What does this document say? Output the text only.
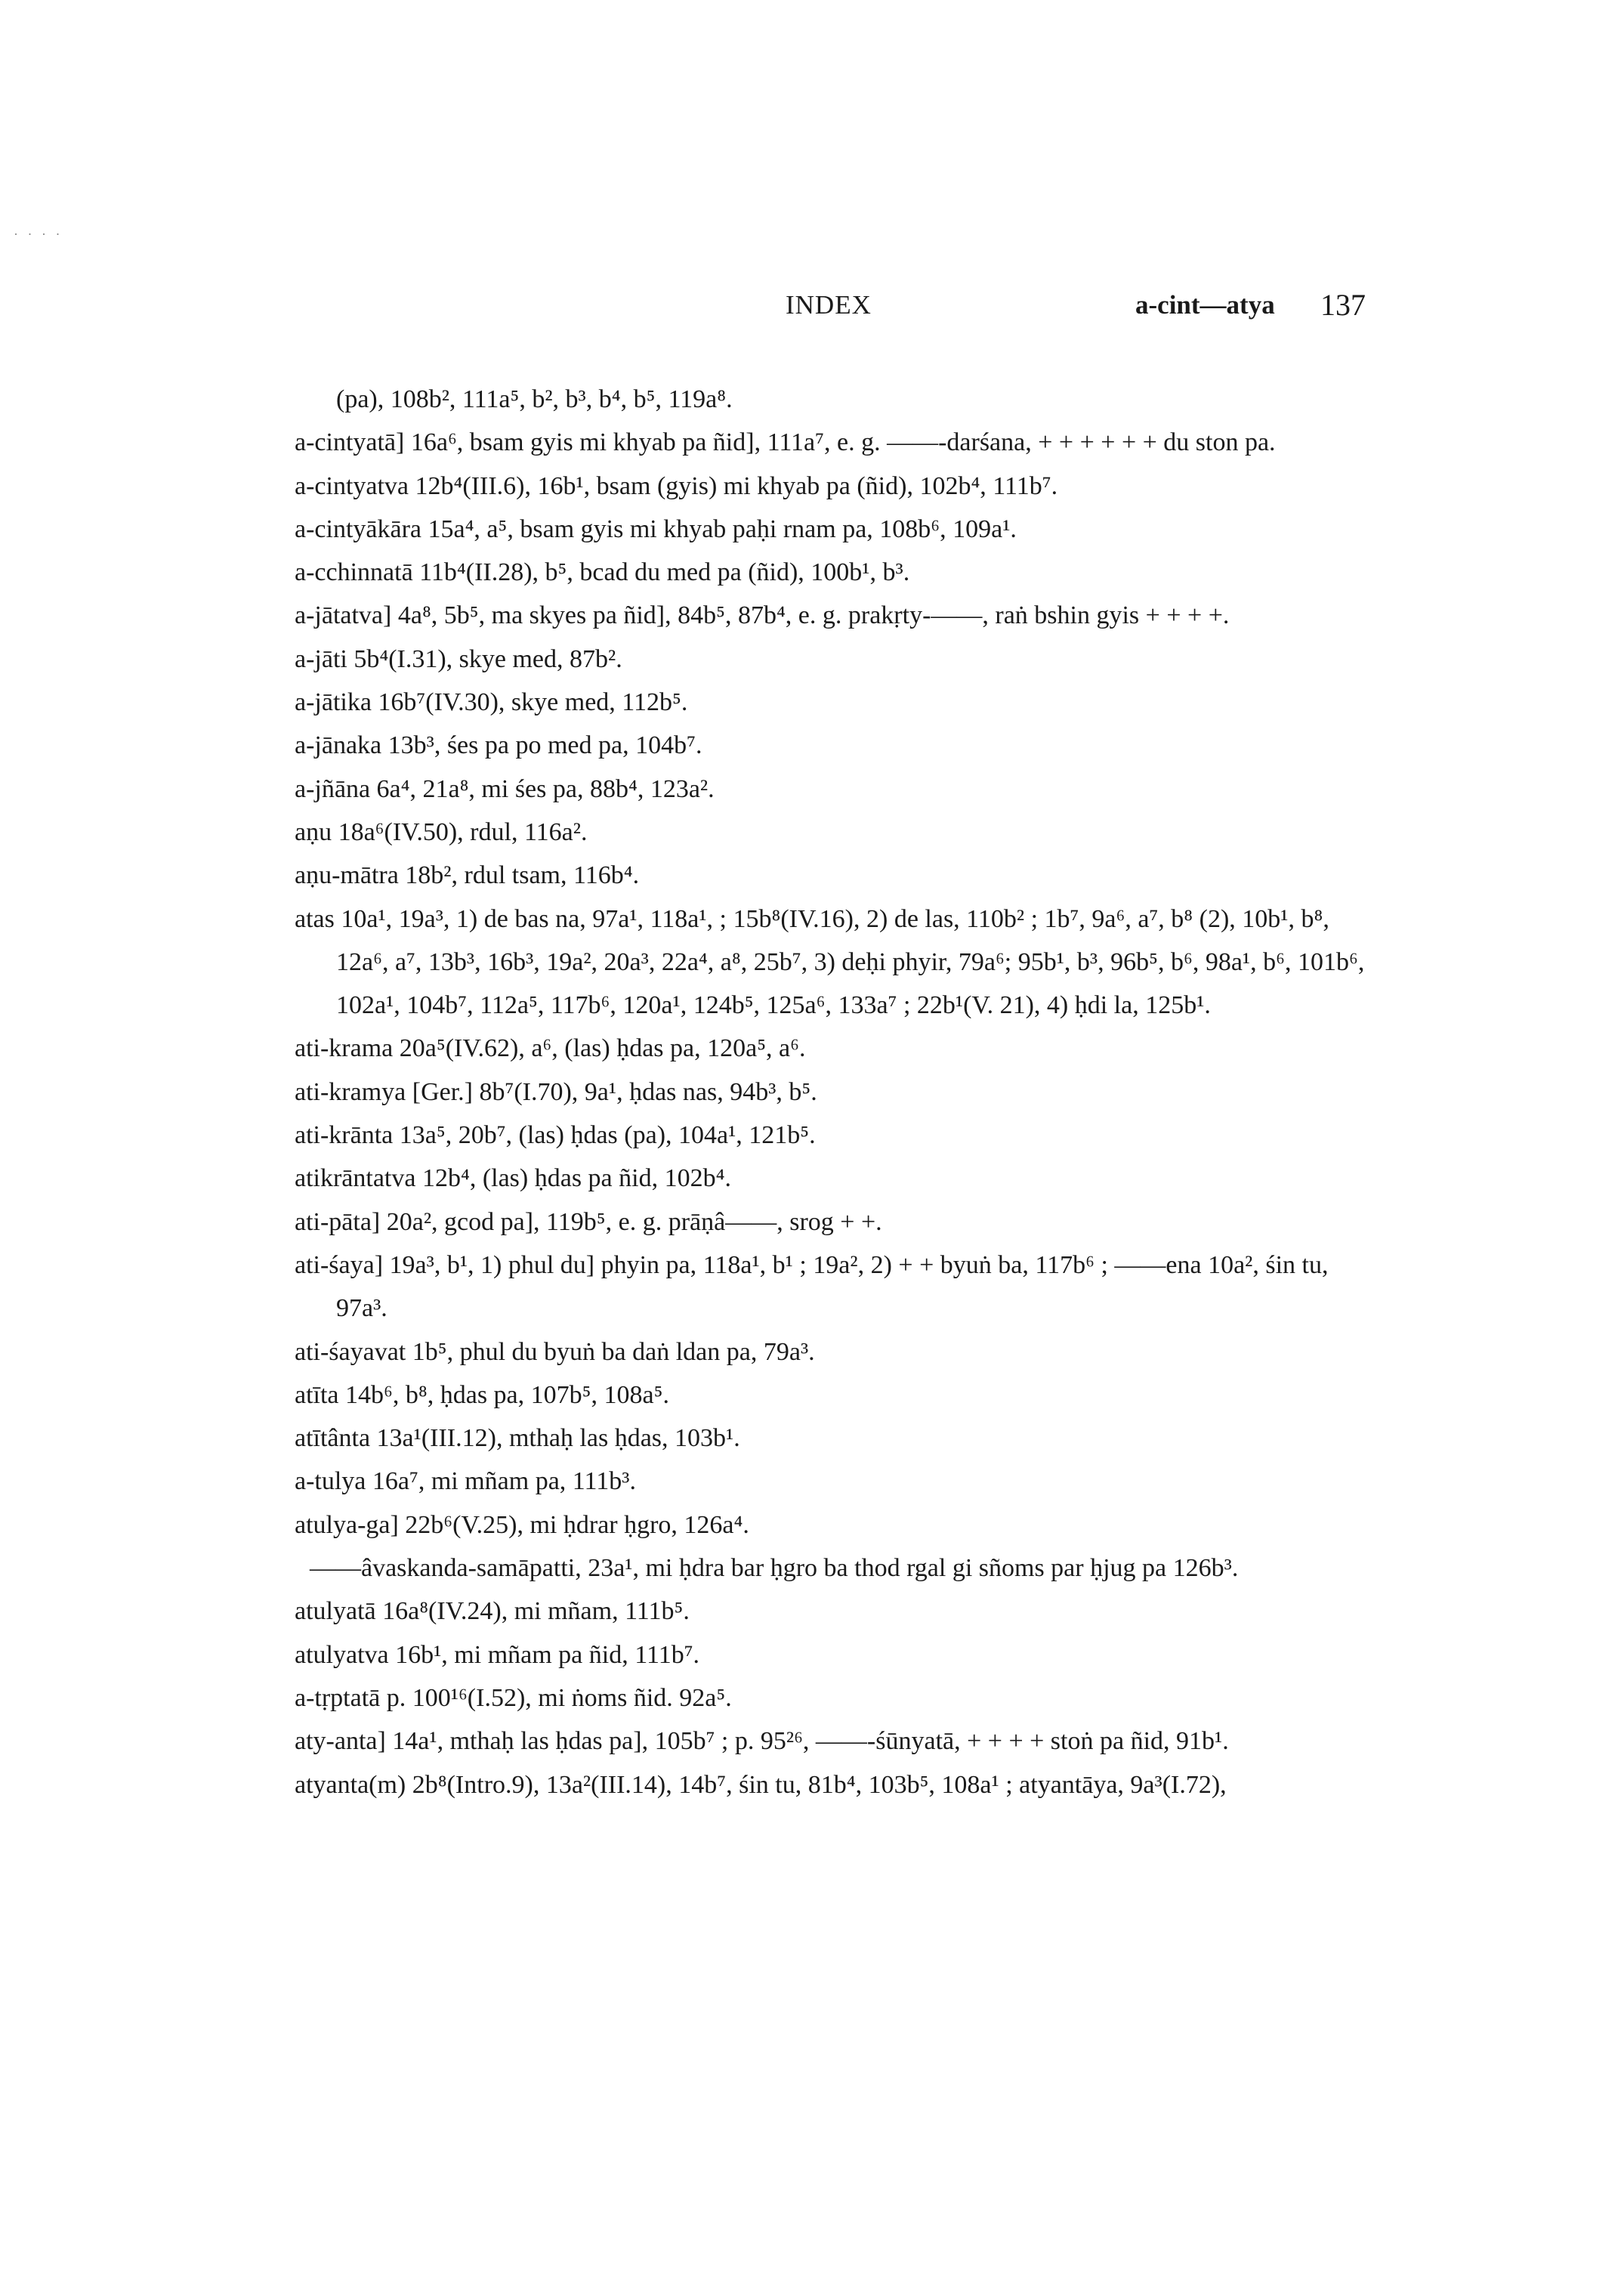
· · · ·
INDEX	a-cint—atya 137

(pa), 108b², 111a⁵, b², b³, b⁴, b⁵, 119a⁸.

a-cintyatā] 16a⁶, bsam gyis mi khyab pa ñid], 111a⁷, e. g. ——-darśana, + + + + + + du ston pa.

a-cintyatva 12b⁴(III.6), 16b¹, bsam (gyis) mi khyab pa (ñid), 102b⁴, 111b⁷.

a-cintyākāra 15a⁴, a⁵, bsam gyis mi khyab paḥi rnam pa, 108b⁶, 109a¹.

a-cchinnatā 11b⁴(II.28), b⁵, bcad du med pa (ñid), 100b¹, b³.

a-jātatva] 4a⁸, 5b⁵, ma skyes pa ñid], 84b⁵, 87b⁴, e. g. prakṛty-——, raṅ bshin gyis + + + +.

a-jāti 5b⁴(I.31), skye med, 87b².

a-jātika 16b⁷(IV.30), skye med, 112b⁵.

a-jānaka 13b³, śes pa po med pa, 104b⁷.

a-jñāna 6a⁴, 21a⁸, mi śes pa, 88b⁴, 123a².

aṇu 18a⁶(IV.50), rdul, 116a².

aṇu-mātra 18b², rdul tsam, 116b⁴.

atas 10a¹, 19a³, 1) de bas na, 97a¹, 118a¹, ; 15b⁸(IV.16), 2) de las, 110b² ; 1b⁷, 9a⁶, a⁷, b⁸ (2), 10b¹, b⁸, 12a⁶, a⁷, 13b³, 16b³, 19a², 20a³, 22a⁴, a⁸, 25b⁷, 3) deḥi phyir, 79a⁶; 95b¹, b³, 96b⁵, b⁶, 98a¹, b⁶, 101b⁶, 102a¹, 104b⁷, 112a⁵, 117b⁶, 120a¹, 124b⁵, 125a⁶, 133a⁷ ; 22b¹(V. 21), 4) ḥdi la, 125b¹.

ati-krama 20a⁵(IV.62), a⁶, (las) ḥdas pa, 120a⁵, a⁶.

ati-kramya [Ger.] 8b⁷(I.70), 9a¹, ḥdas nas, 94b³, b⁵.

ati-krānta 13a⁵, 20b⁷, (las) ḥdas (pa), 104a¹, 121b⁵.

atikrāntatva 12b⁴, (las) ḥdas pa ñid, 102b⁴.

ati-pāta] 20a², gcod pa], 119b⁵, e. g. prāṇâ——, srog + +.

ati-śaya] 19a³, b¹, 1) phul du] phyin pa, 118a¹, b¹ ; 19a², 2) + + byuṅ ba, 117b⁶ ; ——ena 10a², śin tu, 97a³.

ati-śayavat 1b⁵, phul du byuṅ ba daṅ ldan pa, 79a³.

atīta 14b⁶, b⁸, ḥdas pa, 107b⁵, 108a⁵.

atītânta 13a¹(III.12), mthaḥ las ḥdas, 103b¹.

a-tulya 16a⁷, mi mñam pa, 111b³.

atulya-ga] 22b⁶(V.25), mi ḥdrar ḥgro, 126a⁴.

——âvaskanda-samāpatti, 23a¹, mi ḥdra bar ḥgro ba thod rgal gi sñoms par ḥjug pa 126b³.

atulyatā 16a⁸(IV.24), mi mñam, 111b⁵.

atulyatva 16b¹, mi mñam pa ñid, 111b⁷.

a-tṛptatā p. 100¹⁶(I.52), mi ṅoms ñid. 92a⁵.

aty-anta] 14a¹, mthaḥ las ḥdas pa], 105b⁷ ; p. 95²⁶, ——-śūnyatā, + + + + stoṅ pa ñid, 91b¹.

atyanta(m) 2b⁸(Intro.9), 13a²(III.14), 14b⁷, śin tu, 81b⁴, 103b⁵, 108a¹ ; atyantāya, 9a³(I.72),
